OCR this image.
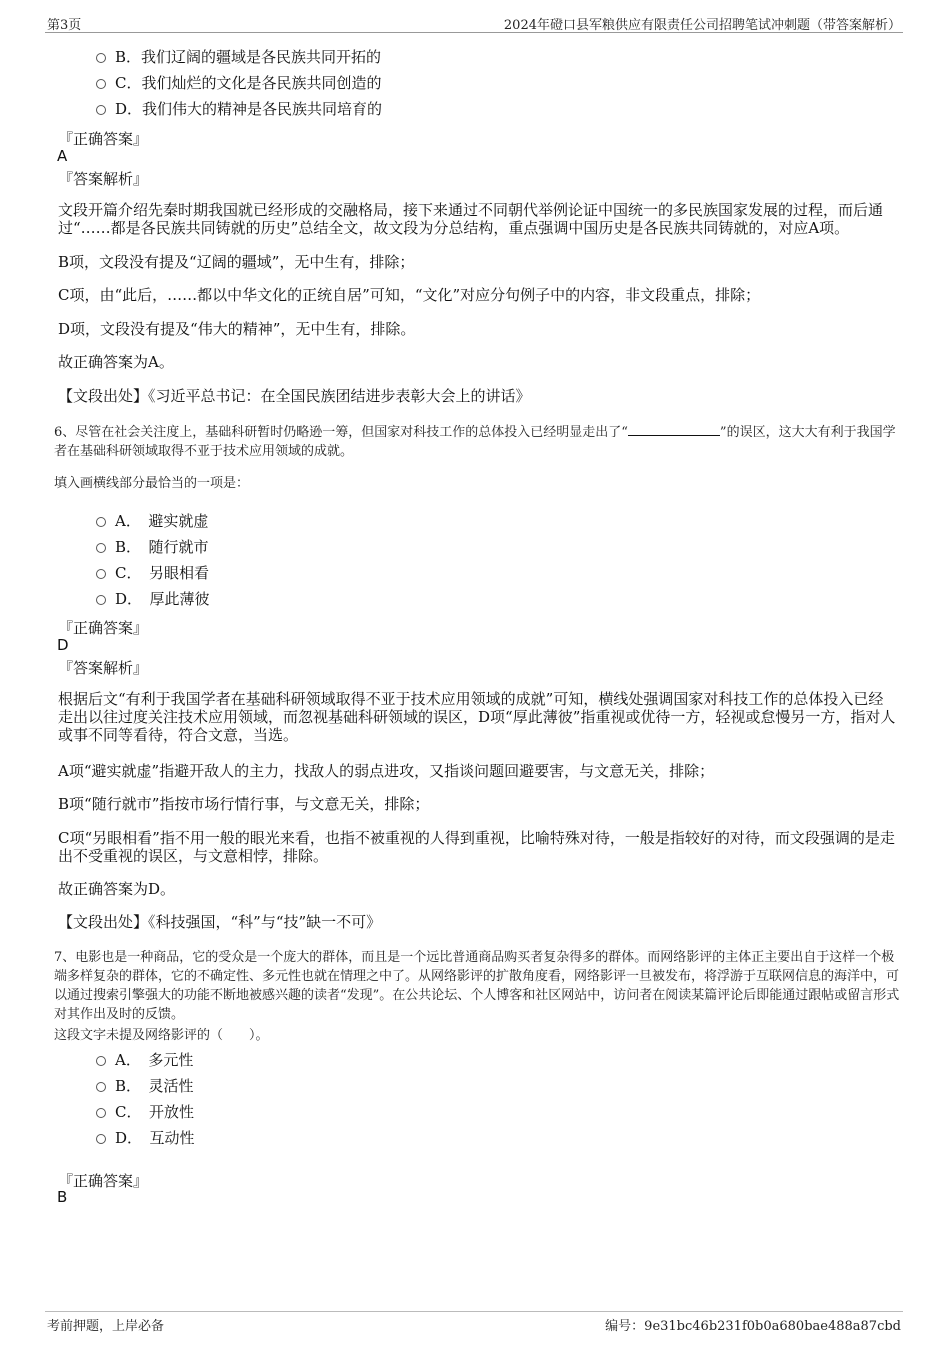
第3页	2024年磴口县军粮供应有限责任公司招聘笔试冲刺题（带答案解析）
B．我们辽阔的疆域是各民族共同开拓的
C．我们灿烂的文化是各民族共同创造的
D．我们伟大的精神是各民族共同培育的
『正确答案』
A
『答案解析』
文段开篇介绍先秦时期我国就已经形成的交融格局，接下来通过不同朝代举例论证中国统一的多民族国家发展的过程，而后通过“……都是各民族共同铸就的历史”总结全文，故文段为分总结构，重点强调中国历史是各民族共同铸就的，对应A项。
B项，文段没有提及“辽阔的疆域”，无中生有，排除；
C项，由“此后，……都以中华文化的正统自居”可知，“文化”对应分句例子中的内容，非文段重点，排除；
D项，文段没有提及“伟大的精神”，无中生有，排除。
故正确答案为A。
【文段出处】《习近平总书记：在全国民族团结进步表彰大会上的讲话》
6、尽管在社会关注度上，基础科研暂时仍略逊一筹，但国家对科技工作的总体投入已经明显走出了“	”的误区，这大大有利于我国学者在基础科研领域取得不亚于技术应用领域的成就。
填入画横线部分最恰当的一项是：
A．　避实就虚
B．　随行就市
C．　另眼相看
D．　厚此薄彼
『正确答案』
D
『答案解析』
根据后文“有利于我国学者在基础科研领域取得不亚于技术应用领域的成就”可知，横线处强调国家对科技工作的总体投入已经走出以往过度关注技术应用领域，而忽视基础科研领域的误区，D项“厚此薄彼”指重视或优待一方，轻视或怠慢另一方，指对人或事不同等看待，符合文意，当选。
A项“避实就虚”指避开敌人的主力，找敌人的弱点进攻，又指谈问题回避要害，与文意无关，排除；
B项“随行就市”指按市场行情行事，与文意无关，排除；
C项“另眼相看”指不用一般的眼光来看，也指不被重视的人得到重视，比喻特殊对待，一般是指较好的对待，而文段强调的是走出不受重视的误区，与文意相悖，排除。
故正确答案为D。
【文段出处】《科技强国，“科”与“技”缺一不可》
7、电影也是一种商品，它的受众是一个庞大的群体，而且是一个远比普通商品购买者复杂得多的群体。而网络影评的主体正主要出自于这样一个极端多样复杂的群体，它的不确定性、多元性也就在情理之中了。从网络影评的扩散角度看，网络影评一旦被发布，将浮游于互联网信息的海洋中，可以通过搜索引擎强大的功能不断地被感兴趣的读者“发现”。在公共论坛、个人博客和社区网站中，访问者在阅读某篇评论后即能通过跟帖或留言形式对其作出及时的反馈。
这段文字未提及网络影评的（　　）。
A．　多元性
B．　灵活性
C．　开放性
D．　互动性
『正确答案』
B
考前押题，上岸必备	编号：9e31bc46b231f0b0a680bae488a87cbd
